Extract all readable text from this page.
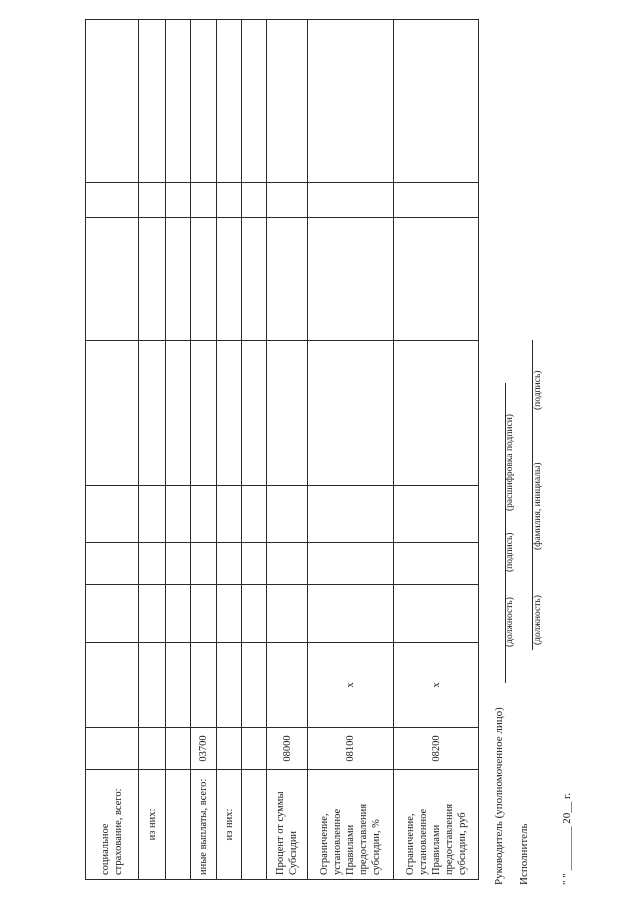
социальное страхование, всего:										
из них:										

иные выплаты, всего:	03700									
из них:										

Процент от суммы Субсидии	08000									
Ограничение, установленное Правилами предоставления субсидии, %	08100	x								
Ограничение, установленное Правилами предоставления субсидии, руб	08200	x								
Руководитель (уполномоченное лицо)
(должность)
(подпись)
(расшифровка подписи)
Исполнитель
(должность)
(фамилия, инициалы)
(подпись)
" " ________ 20__ г.
